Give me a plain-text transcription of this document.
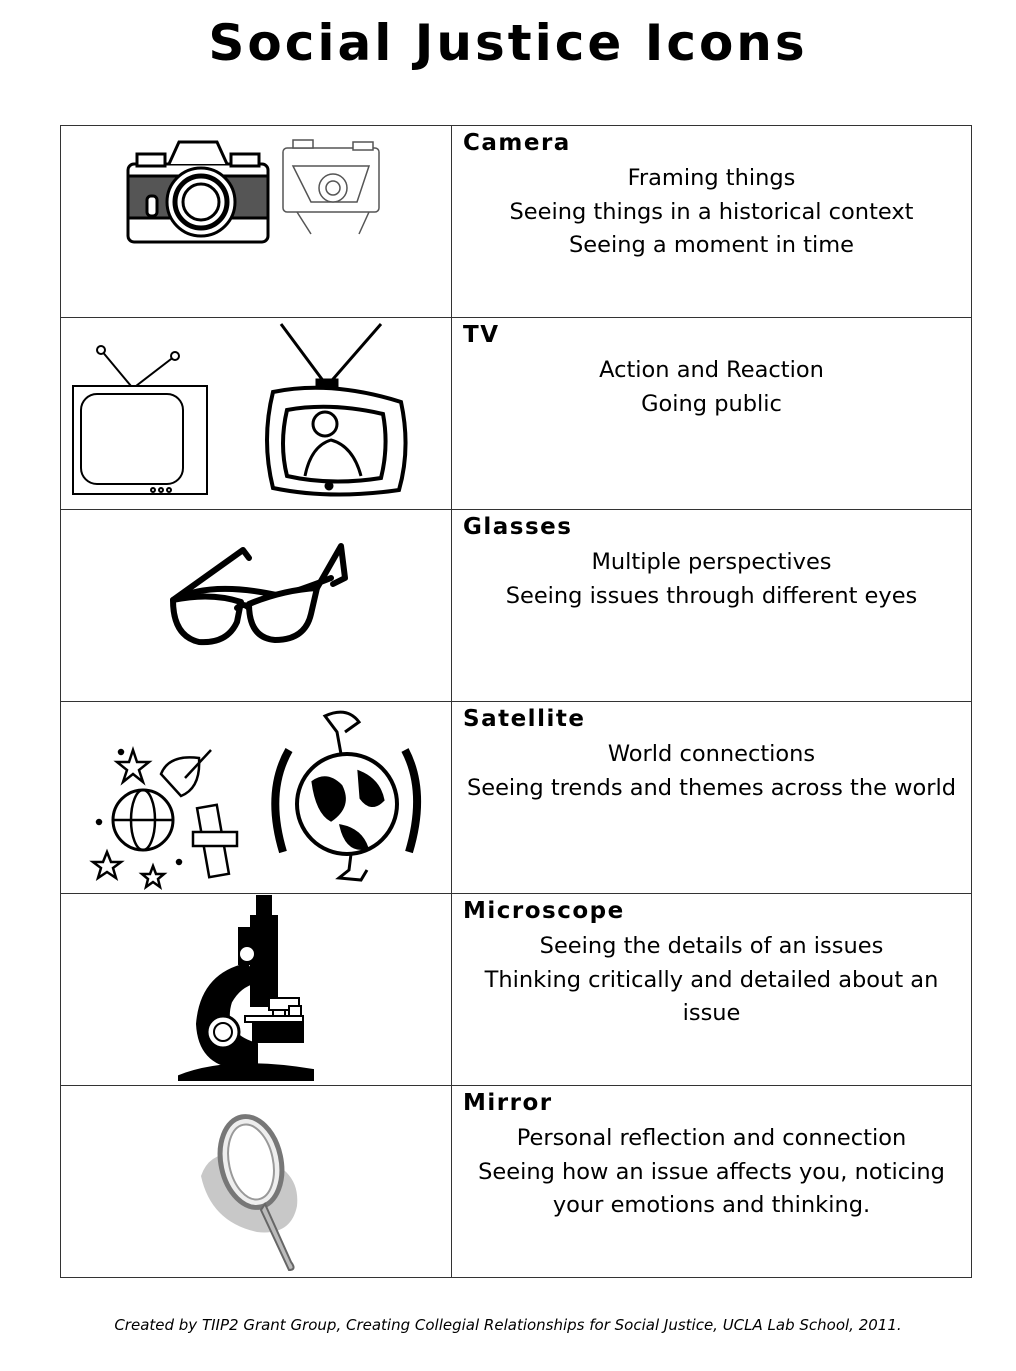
Social Justice Icons

Camera
Framing things
Seeing things in a historical context
Seeing a moment in time

TV
Action and Reaction
Going public

Glasses
Multiple perspectives
Seeing issues through different eyes

Satellite
World connections
Seeing trends and themes across the world

Microscope
Seeing the details of an issues
Thinking critically and detailed about an
issue

Mirror
Personal reflection and connection
Seeing how an issue affects you, noticing
your emotions and thinking.
Created by TIIP2 Grant Group, Creating Collegial Relationships for Social Justice, UCLA Lab School, 2011.
